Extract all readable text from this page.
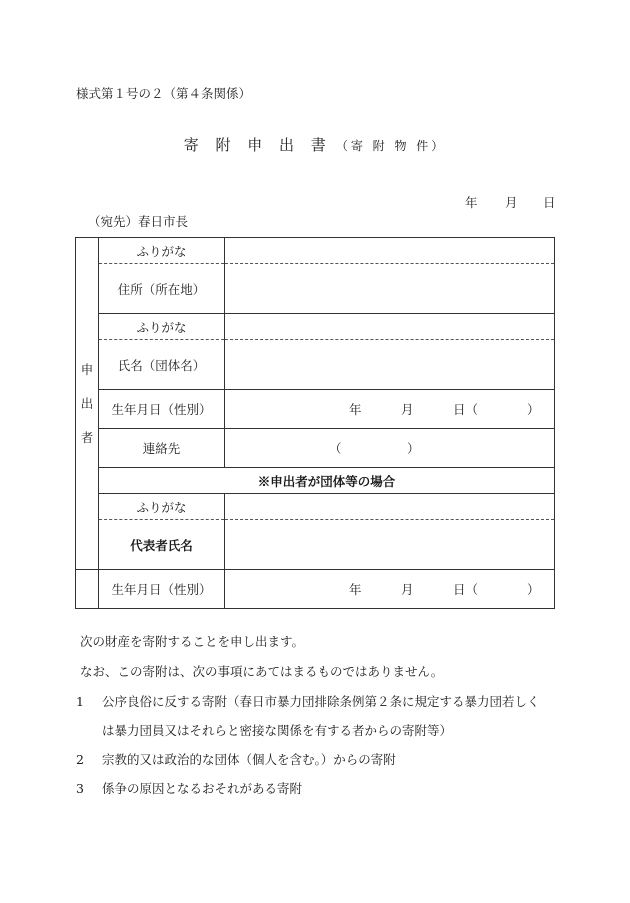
様式第１号の２（第４条関係）
寄 附 申 出 書 （寄 附 物 件）
年 月 日
（宛先）春日市長
申
出
者	ふりがな	
	住所（所在地）	
	ふりがな	
	氏名（団体名）	
	生年月日（性別）	年 月 日（ ）

	連絡先	（ ）

	※申出者が団体等の場合	
	ふりがな	
	代表者氏名	
	生年月日（性別）	年 月 日（ ）
次の財産を寄附することを申し出ます。
なお、この寄附は、次の事項にあてはまるものではありません。
1 公序良俗に反する寄附（春日市暴力団排除条例第２条に規定する暴力団若しく
は暴力団員又はそれらと密接な関係を有する者からの寄附等）
2 宗教的又は政治的な団体（個人を含む。）からの寄附
3 係争の原因となるおそれがある寄附
